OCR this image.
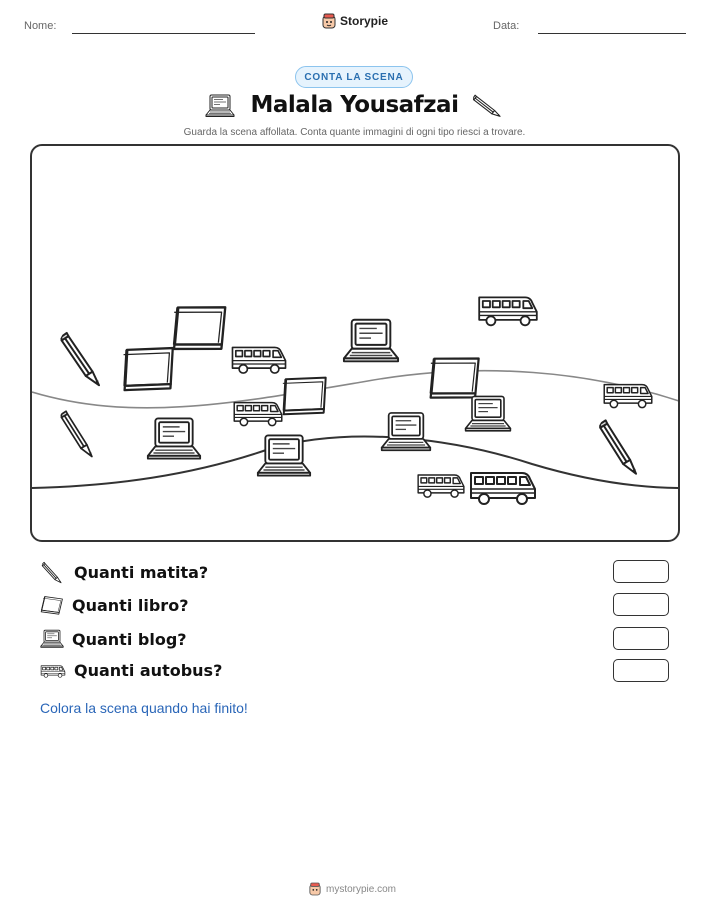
Nome:	Storypie	Data:
CONTA LA SCENA
Malala Yousafzai
Guarda la scena affollata. Conta quante immagini di ogni tipo riesci a trovare.
Quanti matita?
Quanti libro?
Quanti blog?
Quanti autobus?
Colora la scena quando hai finito!
mystorypie.com
